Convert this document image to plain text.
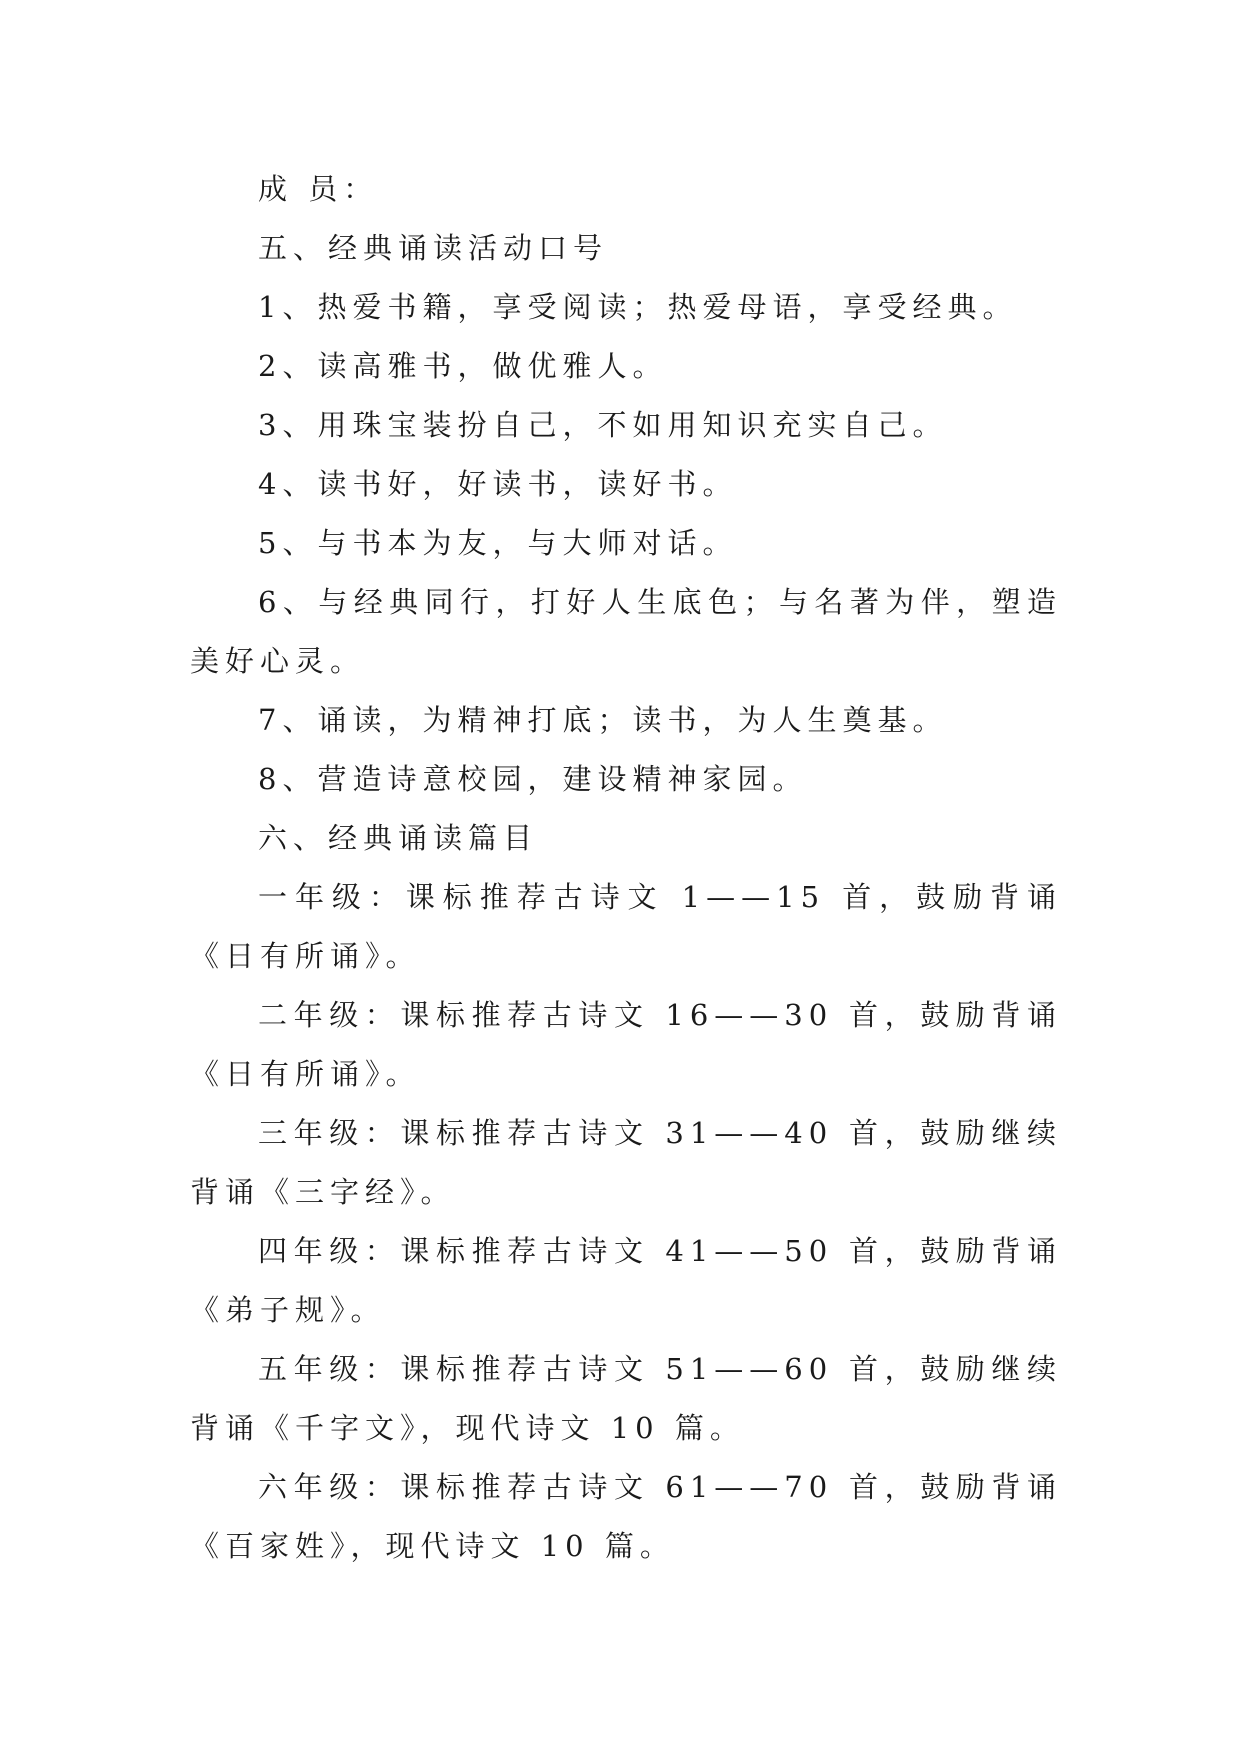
成 员：

五、经典诵读活动口号

1、热爱书籍，享受阅读；热爱母语，享受经典。

2、读高雅书，做优雅人。

3、用珠宝装扮自己，不如用知识充实自己。

4、读书好，好读书，读好书。

5、与书本为友，与大师对话。

6、与经典同行，打好人生底色；与名著为伴，塑造美好心灵。

7、诵读，为精神打底；读书，为人生奠基。

8、营造诗意校园，建设精神家园。

六、经典诵读篇目

一年级：课标推荐古诗文 1——15 首，鼓励背诵《日有所诵》。

二年级：课标推荐古诗文 16——30 首，鼓励背诵《日有所诵》。

三年级：课标推荐古诗文 31——40 首，鼓励继续背诵《三字经》。

四年级：课标推荐古诗文 41——50 首，鼓励背诵《弟子规》。

五年级：课标推荐古诗文 51——60 首，鼓励继续背诵《千字文》，现代诗文 10 篇。

六年级：课标推荐古诗文 61——70 首，鼓励背诵《百家姓》，现代诗文 10 篇。
